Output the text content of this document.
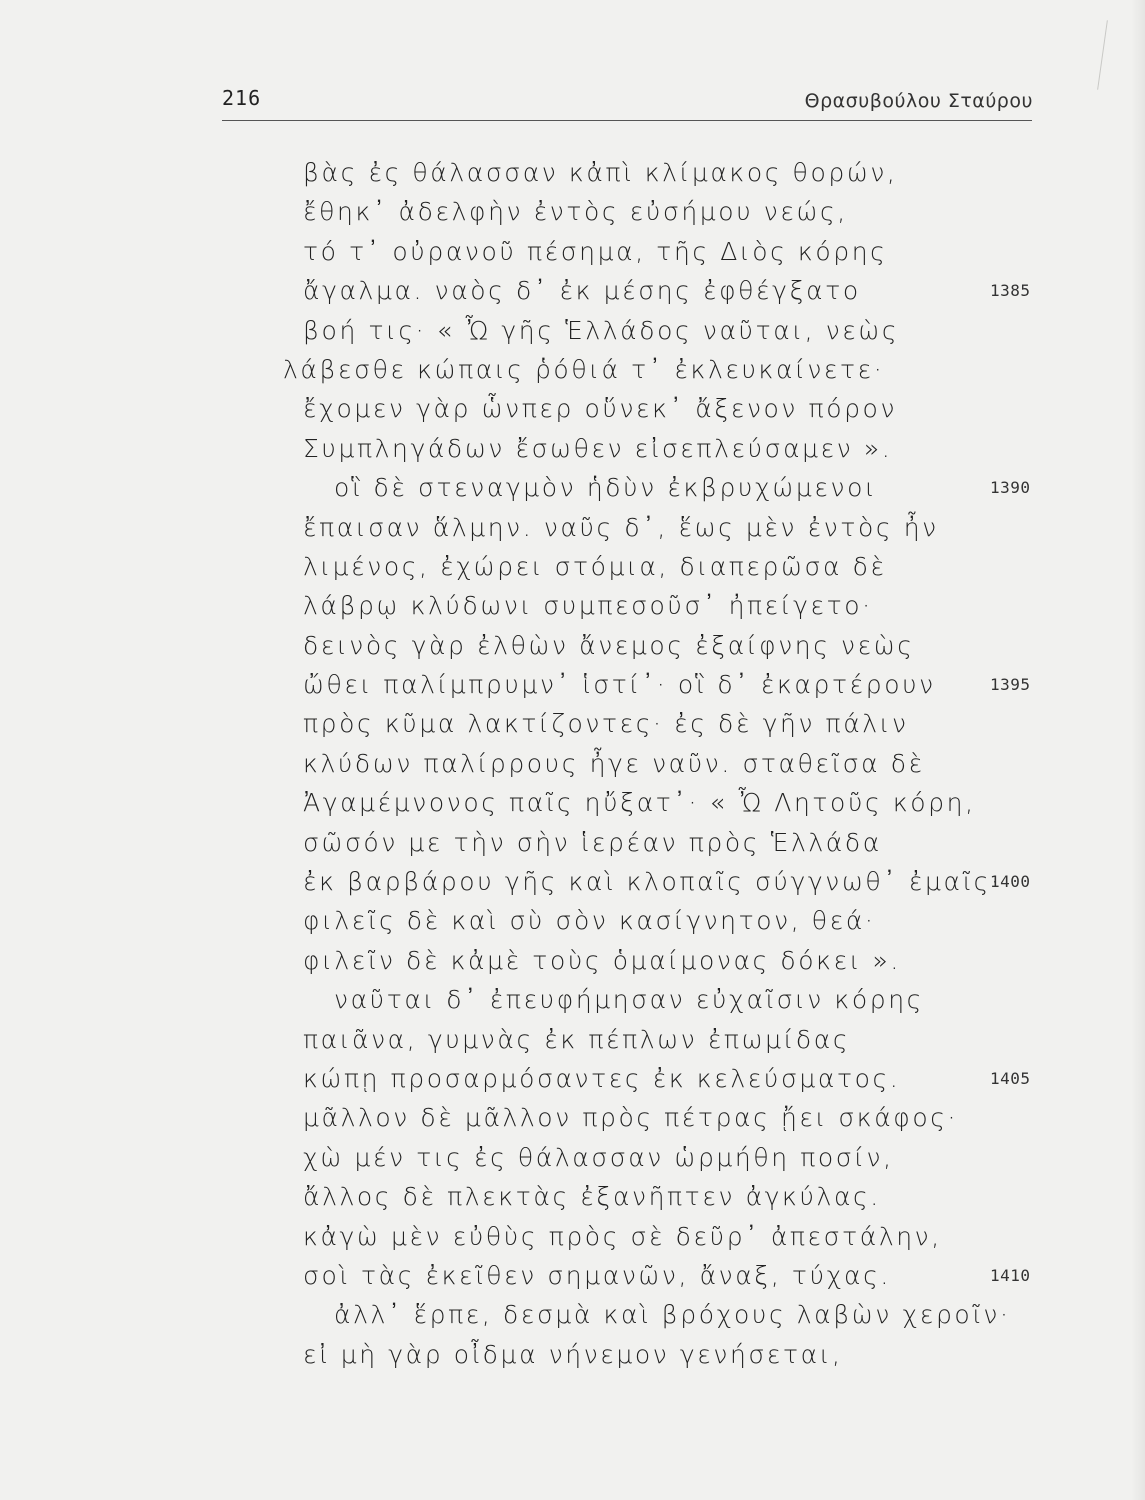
216	Θρασυβούλου Σταύρου
βὰς ἐς θάλασσαν κἀπὶ κλίμακος θορών,
ἔθηκ᾽ ἀδελφὴν ἐντὸς εὐσήμου νεώς,
τό τ᾽ οὐρανοῦ πέσημα, τῆς Διὸς κόρης
ἄγαλμα. ναὸς δ᾽ ἐκ μέσης ἐφθέγξατο	1385
βοή τις· « Ὦ γῆς Ἑλλάδος ναῦται, νεὼς
λάβεσθε κώπαις ῥόθιά τ᾽ ἐκλευκαίνετε·
ἔχομεν γὰρ ὧνπερ οὕνεκ᾽ ἄξενον πόρον
Συμπληγάδων ἔσωθεν εἰσεπλεύσαμεν ».
οἳ δὲ στεναγμὸν ἡδὺν ἐκβρυχώμενοι	1390
ἔπαισαν ἅλμην. ναῦς δ᾽, ἕως μὲν ἐντὸς ἦν
λιμένος, ἐχώρει στόμια, διαπερῶσα δὲ
λάβρῳ κλύδωνι συμπεσοῦσ᾽ ἠπείγετο·
δεινὸς γὰρ ἐλθὼν ἄνεμος ἐξαίφνης νεὼς
ὤθει παλίμπρυμν᾽ ἱστί᾽· οἳ δ᾽ ἐκαρτέρουν	1395
πρὸς κῦμα λακτίζοντες· ἐς δὲ γῆν πάλιν
κλύδων παλίρρους ἦγε ναῦν. σταθεῖσα δὲ
Ἀγαμέμνονος παῖς ηὔξατ᾽· « Ὦ Λητοῦς κόρη,
σῶσόν με τὴν σὴν ἱερέαν πρὸς Ἑλλάδα
ἐκ βαρβάρου γῆς καὶ κλοπαῖς σύγγνωθ᾽ ἐμαῖς·
1400
φιλεῖς δὲ καὶ σὺ σὸν κασίγνητον, θεά·
φιλεῖν δὲ κἀμὲ τοὺς ὁμαίμονας δόκει ».
ναῦται δ᾽ ἐπευφήμησαν εὐχαῖσιν κόρης
παιᾶνα, γυμνὰς ἐκ πέπλων ἐπωμίδας
κώπῃ προσαρμόσαντες ἐκ κελεύσματος.	1405
μᾶλλον δὲ μᾶλλον πρὸς πέτρας ᾔει σκάφος·
χὼ μέν τις ἐς θάλασσαν ὡρμήθη ποσίν,
ἄλλος δὲ πλεκτὰς ἐξανῆπτεν ἀγκύλας.
κἀγὼ μὲν εὐθὺς πρὸς σὲ δεῦρ᾽ ἀπεστάλην,
σοὶ τὰς ἐκεῖθεν σημανῶν, ἄναξ, τύχας.	1410
ἀλλ᾽ ἕρπε, δεσμὰ καὶ βρόχους λαβὼν χεροῖν·
εἰ μὴ γὰρ οἶδμα νήνεμον γενήσεται,
